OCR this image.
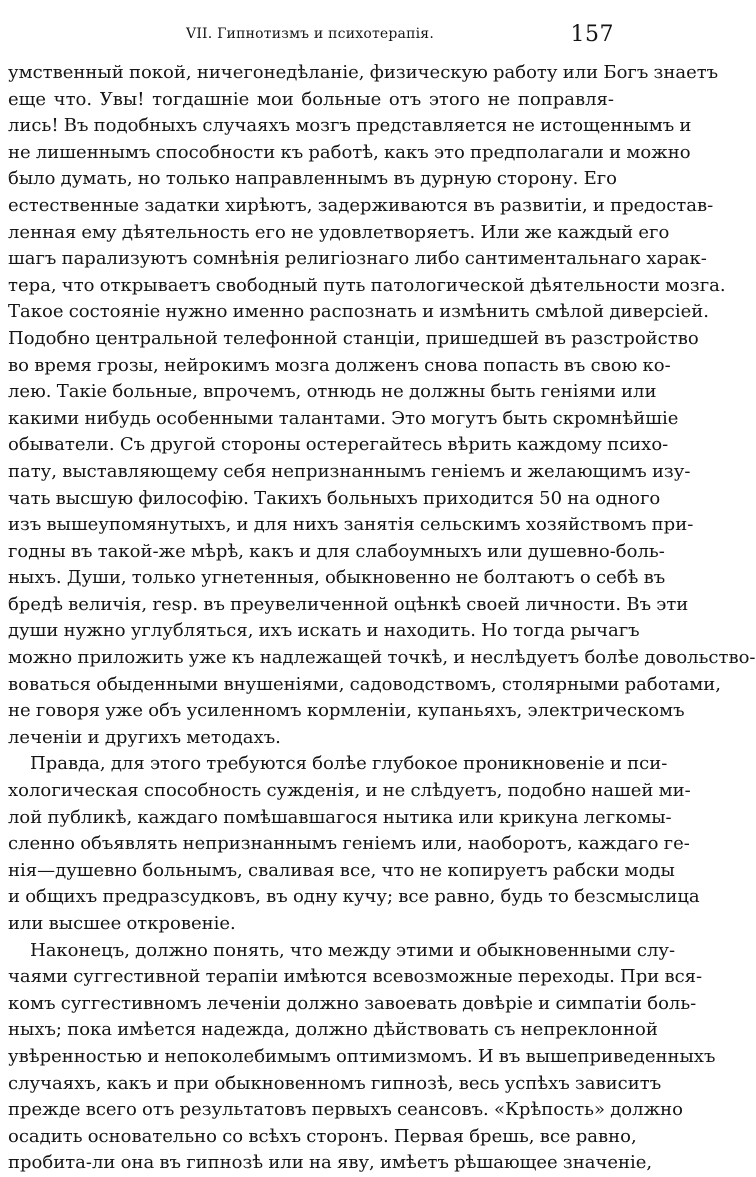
VII. Гипнотизмъ и психотерапія.	157
умственный покой, ничегонедѣланіе, физическую работу или Богъ знаетъ
еще что. Увы! тогдашніе мои больные отъ этого не поправля-
лись! Въ подобныхъ случаяхъ мозгъ представляется не истощеннымъ и
не лишеннымъ способности къ работѣ, какъ это предполагали и можно
было думать, но только направленнымъ въ дурную сторону. Его
естественные задатки хирѣютъ, задерживаются въ развитіи, и предостав-
ленная ему дѣятельность его не удовлетворяетъ. Или же каждый его
шагъ парализуютъ сомнѣнія религіознаго либо сантиментальнаго харак-
тера, что открываетъ свободный путь патологической дѣятельности мозга.
Такое состояніе нужно именно распознать и измѣнить смѣлой диверсіей.
Подобно центральной телефонной станціи, пришедшей въ разстройство
во время грозы, нейрокимъ мозга долженъ снова попасть въ свою ко-
лею. Такіе больные, впрочемъ, отнюдь не должны быть геніями или
какими нибудь особенными талантами. Это могутъ быть скромнѣйшіе
обыватели. Съ другой стороны остерегайтесь вѣрить каждому психо-
пату, выставляющему себя непризнаннымъ геніемъ и желающимъ изу-
чать высшую философію. Такихъ больныхъ приходится 50 на одного
изъ вышеупомянутыхъ, и для нихъ занятія сельскимъ хозяйствомъ при-
годны въ такой-же мѣрѣ, какъ и для слабоумныхъ или душевно-боль-
ныхъ. Души, только угнетенныя, обыкновенно не болтаютъ о себѣ въ
бредѣ величія, resp. въ преувеличенной оцѣнкѣ своей личности. Въ эти
души нужно углубляться, ихъ искать и находить. Но тогда рычагъ
можно приложить уже къ надлежащей точкѣ, и неслѣдуетъ болѣе довольство-
воваться обыденными внушеніями, садоводствомъ, столярными работами,
не говоря уже объ усиленномъ кормленіи, купаньяхъ, электрическомъ
леченіи и другихъ методахъ.
Правда, для этого требуются болѣе глубокое проникновеніе и пси-
хологическая способность сужденія, и не слѣдуетъ, подобно нашей ми-
лой публикѣ, каждаго помѣшавшагося нытика или крикуна легкомы-
сленно объявлять непризнаннымъ геніемъ или, наоборотъ, каждаго ге-
нія—душевно больнымъ, сваливая все, что не копируетъ рабски моды
и общихъ предразсудковъ, въ одну кучу; все равно, будь то безсмыслица
или высшее откровеніе.
Наконецъ, должно понять, что между этими и обыкновенными слу-
чаями суггестивной терапіи имѣются всевозможные переходы. При вся-
комъ суггестивномъ леченіи должно завоевать довѣріе и симпатіи боль-
ныхъ; пока имѣется надежда, должно дѣйствовать съ непреклонной
увѣренностью и непоколебимымъ оптимизмомъ. И въ вышеприведенныхъ
случаяхъ, какъ и при обыкновенномъ гипнозѣ, весь успѣхъ зависитъ
прежде всего отъ результатовъ первыхъ сеансовъ. «Крѣпость» должно
осадить основательно со всѣхъ сторонъ. Первая брешь, все равно,
пробита-ли она въ гипнозѣ или на яву, имѣетъ рѣшающее значеніе,
